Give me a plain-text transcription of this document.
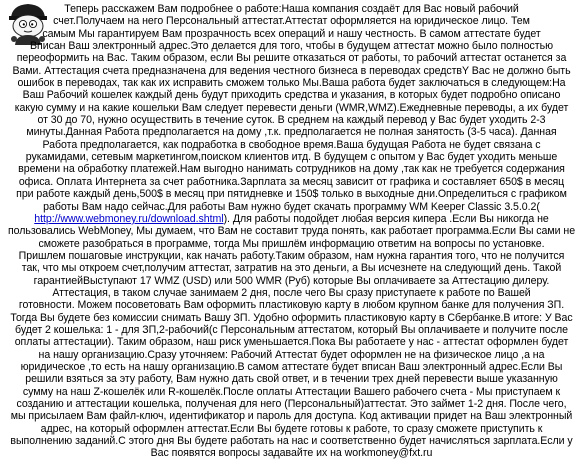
Теперь расскажем Вам подробнее о работе:Наша компания создаёт для Вас новый рабочий
счет.Получаем на него Персональный аттестат.Аттестат оформляется на юридическое лицо. Тем
самым Мы гарантируем Вам прозрачность всех операций и нашу честность. В самом аттестате будет
Вписан Ваш электронный адрес.Это делается для того, чтобы в будущем аттестат можно было полностью
переоформить на Вас. Таким образом, если Вы решите отказаться от работы, то рабочий аттестат останется за
Вами. Аттестация счета предназначена для ведения честного бизнеса в переводах средствY Вас не должно быть
ошибок в переводах, так как их исправить сможем только Мы.Ваша работа будет заключаться в следующем:На
Ваш Рабочий кошелек каждый день будут приходить средства и указания, в которых будет подробно описано
какую сумму и на какие кошельки Вам следует перевести деньги (WMR,WMZ).Ежедневные переводы, а их будет
от 30 до 70, нужно осуществить в течение суток. В среднем на каждый перевод у Вас будет уходить 2-3
минуты.Данная Работа предполагается на дому ,т.к. предполагается не полная занятость (3-5 часа). Данная
Работа предполагается, как подработка в свободное время.Ваша будущая Работа не будет связана с
рукамидами, сетевым маркетингом,поиском клиентов итд. В будущем с опытом у Вас будет уходить меньше
времени на обработку платежей.Нам выгодно нанимать сотрудников на дому ,так как не требуется содержания
офиса. Оплата Интернета за счет работника.Зарплата за месяц зависит от графика и составляет 650$ в месяц
при работе каждый день,500$ в месяц при пятидневке и 150$ только в выходные дни.Определиться с графиком
работы Вам надо сейчас.Для работы Вам нужно будет скачать программу WM Keeper Classic 3.5.0.2(
http://www.webmoney.ru/download.shtml). Для работы подойдет любая версия кипера .Если Вы никогда не
пользовались WebMoney, Мы думаем, что Вам не составит труда понять, как работает программа.Если Вы сами не
сможете разобраться в программе, тогда Мы пришлём информацию ответим на вопросы по установке.
Пришлем пошаговые инструкции, как начать работу.Таким образом, нам нужна гарантия того, что не получится
так, что мы откроем счет,получим аттестат, затратив на это деньги, а Вы исчезнете на следующий день. Такой
гарантиейВыступают 17 WMZ (USD) или 500 WMR (Руб) которые Вы оплачиваете за Аттестацию дилеру.
Аттестация, в таком случае занимаем 2 дня, после чего Вы сразу приступаете к работе по Вашей
готовности. Можем посоветовать Вам оформить пластиковую карту в любом крупном банке для получения ЗП.
Тогда Вы будете без комиссии снимать Вашу ЗП. Удобно оформить пластиковую карту в Сбербанке.В итоге: У Вас
будет 2 кошелька: 1 - для ЗП,2-рабочий(с Персональным аттестатом, который Вы оплачиваете и получите после
оплаты аттестации). Таким образом, наш риск уменьшается.Пока Вы работаете у нас - аттестат оформлен будет
на нашу организацию.Сразу уточняем: Рабочий Аттестат будет оформлен не на физическое лицо ,а на
юридическое ,то есть на нашу организацию.В самом аттестате будет вписан Ваш электронный адрес.Если Вы
решили взяться за эту работу, Вам нужно дать свой ответ, и в течении трех дней перевести выше указанную
сумму на наш Z-кошелёк или R-кошелёк.После оплаты Аттестации Вашего рабочего счета - Мы приступаем к
созданию и аттестации кошелька, полученая для него (Персональный)аттестат. Это займет 1-2 дня. После чего,
мы присылаем Вам файл-ключ, идентификатор и пароль для доступа. Код активации придет на Ваш электронный
адрес, на который оформлен аттестат.Если Вы будете готовы к работе, то сразу сможете приступить к
выполнению заданий.С этого дня Вы будете работать на нас и соответственно будет начисляться зарплата.Если у
Вас появятся вопросы задавайте их на workmoney@fxt.ru
